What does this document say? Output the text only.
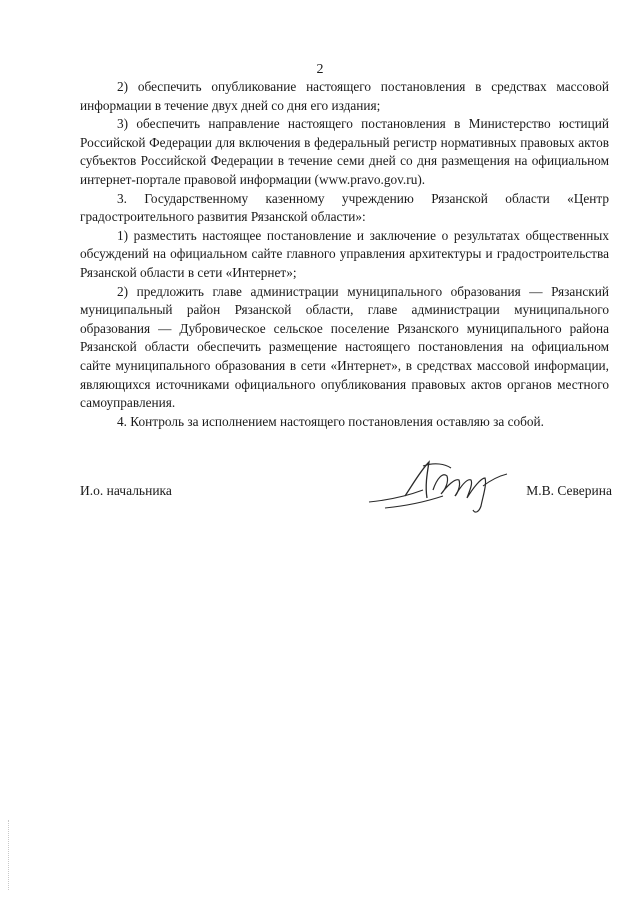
2

2) обеспечить опубликование настоящего постановления в средствах массовой информации в течение двух дней со дня его издания;

3) обеспечить направление настоящего постановления в Министерство юстиций Российской Федерации для включения в федеральный регистр нормативных правовых актов субъектов Российской Федерации в течение семи дней со дня размещения на официальном интернет-портале правовой информации (www.pravo.gov.ru).

3. Государственному казенному учреждению Рязанской области «Центр градостроительного развития Рязанской области»:

1) разместить настоящее постановление и заключение о результатах общественных обсуждений на официальном сайте главного управления архитектуры и градостроительства Рязанской области в сети «Интернет»;

2) предложить главе администрации муниципального образования — Рязанский муниципальный район Рязанской области, главе администрации муниципального образования — Дубровическое сельское поселение Рязанского муниципального района Рязанской области обеспечить размещение настоящего постановления на официальном сайте муниципального образования в сети «Интернет», в средствах массовой информации, являющихся источниками официального опубликования правовых актов органов местного самоуправления.

4. Контроль за исполнением настоящего постановления оставляю за собой.

И.о. начальника	М.В. Северина
